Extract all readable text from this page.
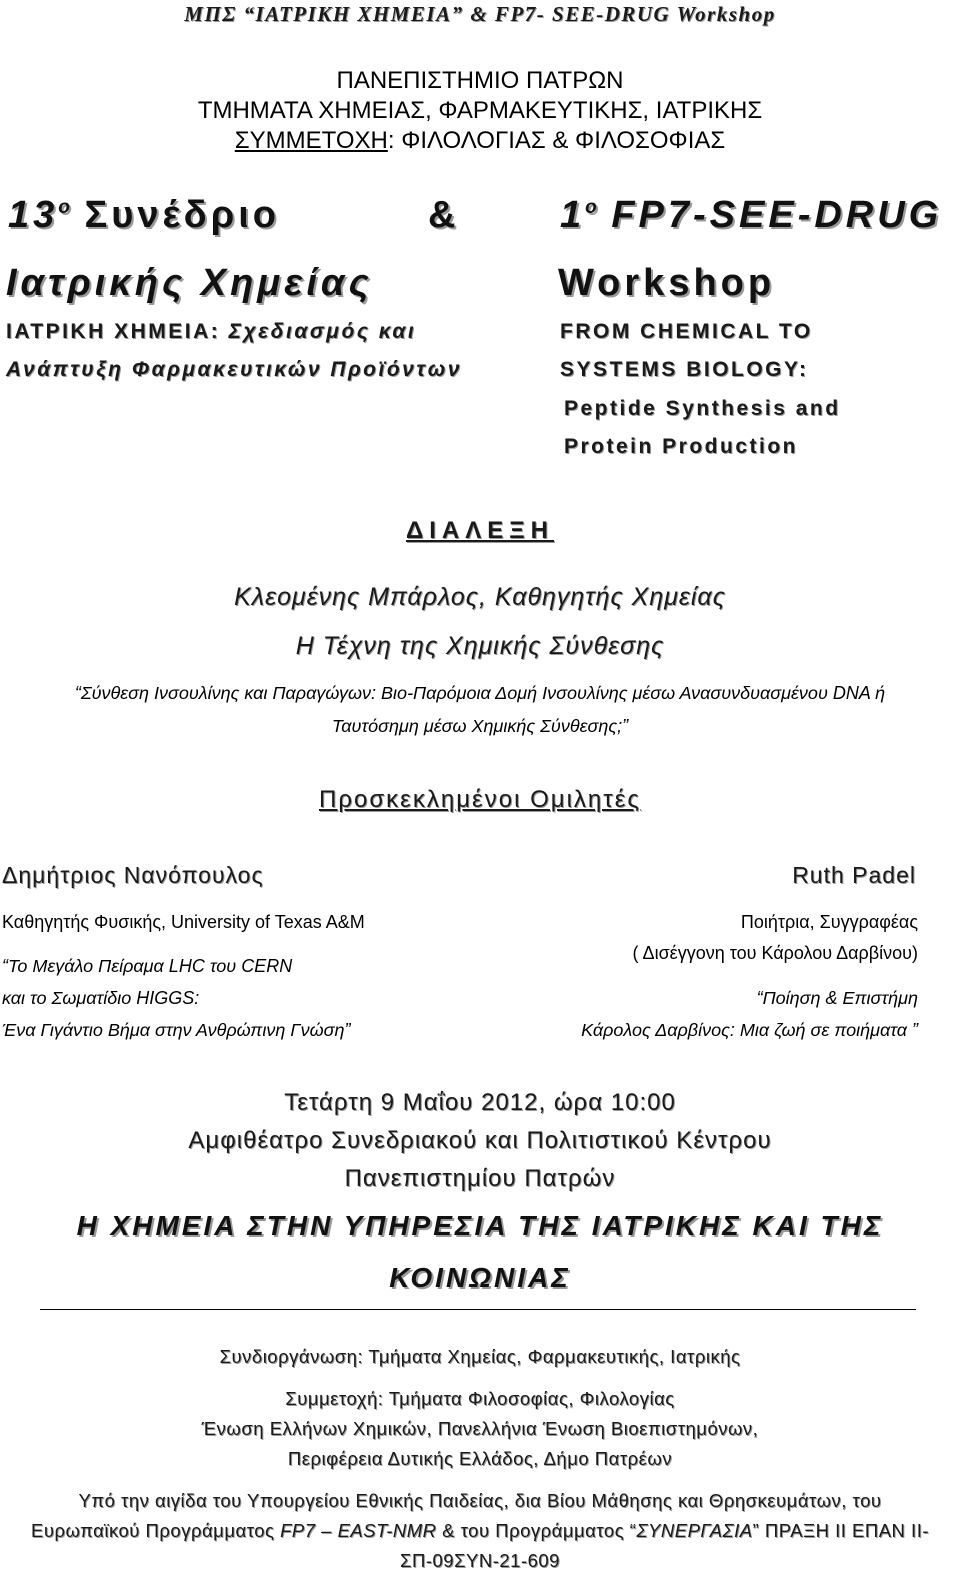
ΜΠΣ “ΙΑΤΡΙΚΗ ΧΗΜΕΙΑ” & FP7- SEE-DRUG Workshop
ΠΑΝΕΠΙΣΤΗΜΙΟ ΠΑΤΡΩΝ
ΤΜΗΜΑΤΑ ΧΗΜΕΙΑΣ, ΦΑΡΜΑΚΕΥΤΙΚΗΣ, ΙΑΤΡΙΚΗΣ
ΣΥΜΜΕΤΟΧΗ: ΦΙΛΟΛΟΓΙΑΣ & ΦΙΛΟΣΟΦΙΑΣ
$13^o$ Συνέδριο	&
Ιατρικής Χημείας
ΙΑΤΡΙΚΗ ΧΗΜΕΙΑ: Σχεδιασμός και
Ανάπτυξη Φαρμακευτικών Προϊόντων
$1^o$ FP7-SEE-DRUG
Workshop
FROM CHEMICAL TO
SYSTEMS BIOLOGY:
Peptide Synthesis and
Protein Production
ΔΙΑΛΕΞΗ
Κλεομένης Μπάρλος, Καθηγητής Χημείας
Η Τέχνη της Χημικής Σύνθεσης
“Σύνθεση Ινσουλίνης και Παραγώγων: Βιο-Παρόμοια Δομή Ινσουλίνης μέσω Ανασυνδυασμένου DNA ή
Ταυτόσημη μέσω Χημικής Σύνθεσης;”
Προσκεκλημένοι Ομιλητές
Δημήτριος Νανόπουλος
Καθηγητής Φυσικής, University of Texas A&M
“Το Μεγάλο Πείραμα LHC του CERN
και το Σωματίδιο HIGGS:
Ένα Γιγάντιο Βήμα στην Ανθρώπινη Γνώση”
Ruth Padel
Ποιήτρια, Συγγραφέας
( Δισέγγονη του Κάρολου Δαρβίνου)
“Ποίηση & Επιστήμη
Κάρολος Δαρβίνος: Μια ζωή σε ποιήματα ”
Τετάρτη 9 Μαΐου 2012, ώρα 10:00
Αμφιθέατρο Συνεδριακού και Πολιτιστικού Κέντρου
Πανεπιστημίου Πατρών
Η ΧΗΜΕΙΑ ΣΤΗΝ ΥΠΗΡΕΣΙΑ ΤΗΣ ΙΑΤΡΙΚΗΣ ΚΑΙ ΤΗΣ
ΚΟΙΝΩΝΙΑΣ
Συνδιοργάνωση: Τμήματα Χημείας, Φαρμακευτικής, Ιατρικής
Συμμετοχή: Τμήματα Φιλοσοφίας, Φιλολογίας
Ένωση Ελλήνων Χημικών, Πανελλήνια Ένωση Βιοεπιστημόνων,
Περιφέρεια Δυτικής Ελλάδος, Δήμο Πατρέων
Υπό την αιγίδα του Υπουργείου Εθνικής Παιδείας, δια Βίου Μάθησης και Θρησκευμάτων, του
Ευρωπαϊκού Προγράμματος FP7 – EAST-NMR & του Προγράμματος “ΣΥΝΕΡΓΑΣΙΑ” ΠΡΑΞΗ ΙΙ ΕΠΑΝ ΙΙ-
ΣΠ-09ΣΥΝ-21-609
